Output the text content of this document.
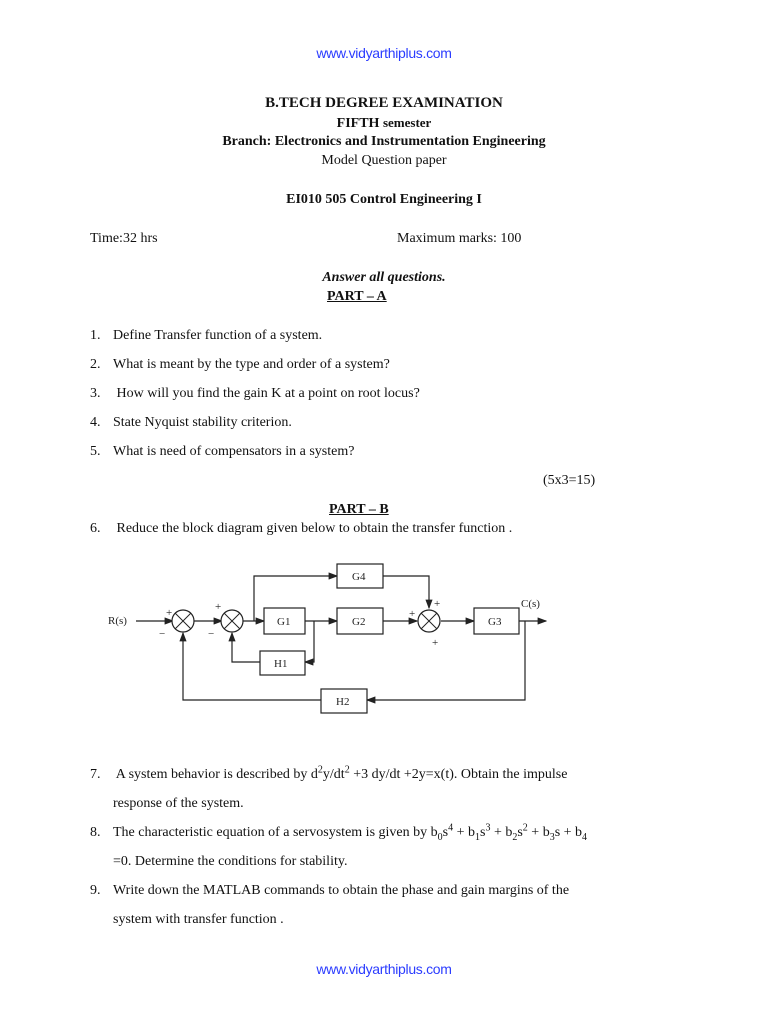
www.vidyarthiplus.com
B.TECH DEGREE EXAMINATION
FIFTH semester
Branch: Electronics and Instrumentation Engineering
Model Question paper
EI010 505 Control Engineering I
Time:32 hrs	Maximum marks: 100
Answer all questions.
PART – A
1. Define Transfer function of a system.
2. What is meant by the type and order of a system?
3. How will you find the gain K at a point on root locus?
4. State Nyquist stability criterion.
5. What is need of compensators in a system?
(5x3=15)
PART – B
6. Reduce the block diagram given below to obtain the transfer function .
R(s)
C(s)
G1	G2	G3
G4
H1
H2
+
−
+
−
+
+
+
7. A system behavior is described by $d^2y/dt^2 +3$ dy/dt +2y=x(t). Obtain the impulse
response of the system.
8. The characteristic equation of a servosystem is given by $b_0s^4 + b_1s^3 + b_2s^2 + b_3s + b_4$
=0. Determine the conditions for stability.
9. Write down the MATLAB commands to obtain the phase and gain margins of the
system with transfer function .
www.vidyarthiplus.com
